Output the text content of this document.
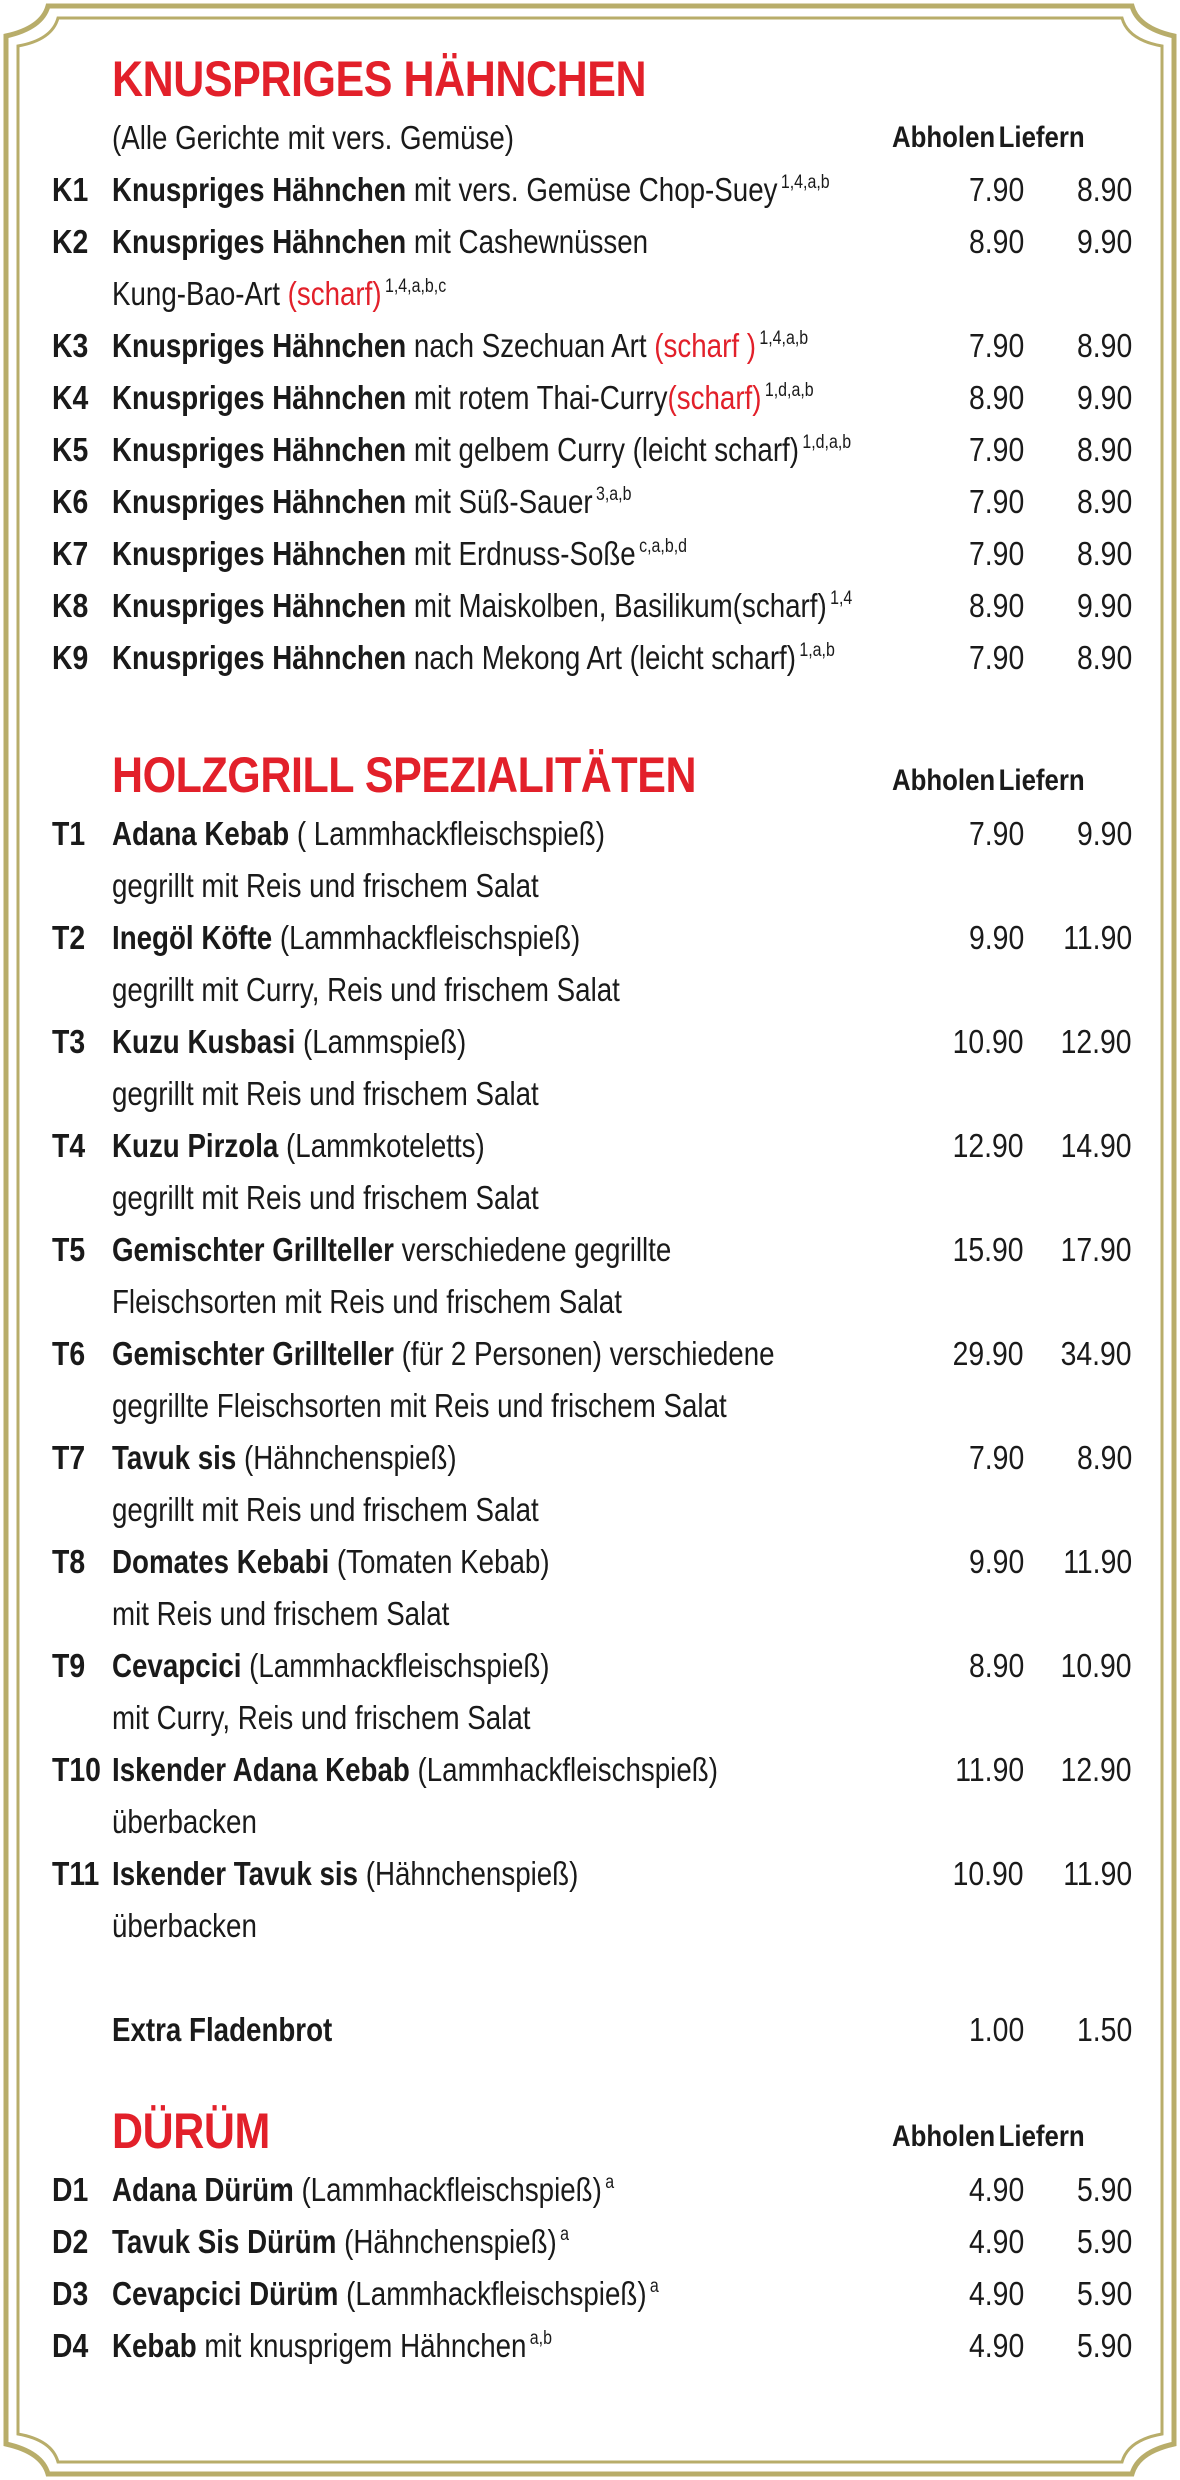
KNUSPRIGES HÄHNCHEN
(Alle Gerichte mit vers. Gemüse)	Abholen Liefern
K1 Knuspriges Hähnchen mit vers. Gemüse Chop-Suey $^{1,4,a,b}$	7.90 8.90
K2 Knuspriges Hähnchen mit Cashewnüssen	8.90 9.90
Kung-Bao-Art (scharf) $^{1,4,a,b,c}$
K3 Knuspriges Hähnchen nach Szechuan Art (scharf ) $^{1,4,a,b}$	7.90 8.90
K4 Knuspriges Hähnchen mit rotem Thai-Curry(scharf) $^{1,d,a,b}$	8.90 9.90
K5 Knuspriges Hähnchen mit gelbem Curry (leicht scharf) $^{1,d,a,b}$	7.90 8.90
K6 Knuspriges Hähnchen mit Süß-Sauer $^{3,a,b}$	7.90 8.90
K7 Knuspriges Hähnchen mit Erdnuss-Soße $^{c,a,b,d}$	7.90 8.90
K8 Knuspriges Hähnchen mit Maiskolben, Basilikum(scharf) $^{1,4}$	8.90 9.90
K9 Knuspriges Hähnchen nach Mekong Art (leicht scharf) $^{1,a,b}$	7.90 8.90
HOLZGRILL SPEZIALITÄTEN	Abholen Liefern
T1 Adana Kebab ( Lammhackfleischspieß)	7.90 9.90
gegrillt mit Reis und frischem Salat
T2 Inegöl Köfte (Lammhackfleischspieß)	9.90 11.90
gegrillt mit Curry, Reis und frischem Salat
T3 Kuzu Kusbasi (Lammspieß)	10.90 12.90
gegrillt mit Reis und frischem Salat
T4 Kuzu Pirzola (Lammkoteletts)	12.90 14.90
gegrillt mit Reis und frischem Salat
T5 Gemischter Grillteller verschiedene gegrillte	15.90 17.90
Fleischsorten mit Reis und frischem Salat
T6 Gemischter Grillteller (für 2 Personen) verschiedene	29.90 34.90
gegrillte Fleischsorten mit Reis und frischem Salat
T7 Tavuk sis (Hähnchenspieß)	7.90 8.90
gegrillt mit Reis und frischem Salat
T8 Domates Kebabi (Tomaten Kebab)	9.90 11.90
mit Reis und frischem Salat
T9 Cevapcici (Lammhackfleischspieß)	8.90 10.90
mit Curry, Reis und frischem Salat
T10 Iskender Adana Kebab (Lammhackfleischspieß)	11.90 12.90
überbacken
T11 Iskender Tavuk sis (Hähnchenspieß)	10.90 11.90
überbacken
Extra Fladenbrot	1.00 1.50
DÜRÜM	Abholen Liefern
D1 Adana Dürüm (Lammhackfleischspieß) $^a$	4.90 5.90
D2 Tavuk Sis Dürüm (Hähnchenspieß) $^a$	4.90 5.90
D3 Cevapcici Dürüm (Lammhackfleischspieß) $^a$	4.90 5.90
D4 Kebab mit knusprigem Hähnchen $^{a,b}$	4.90 5.90
